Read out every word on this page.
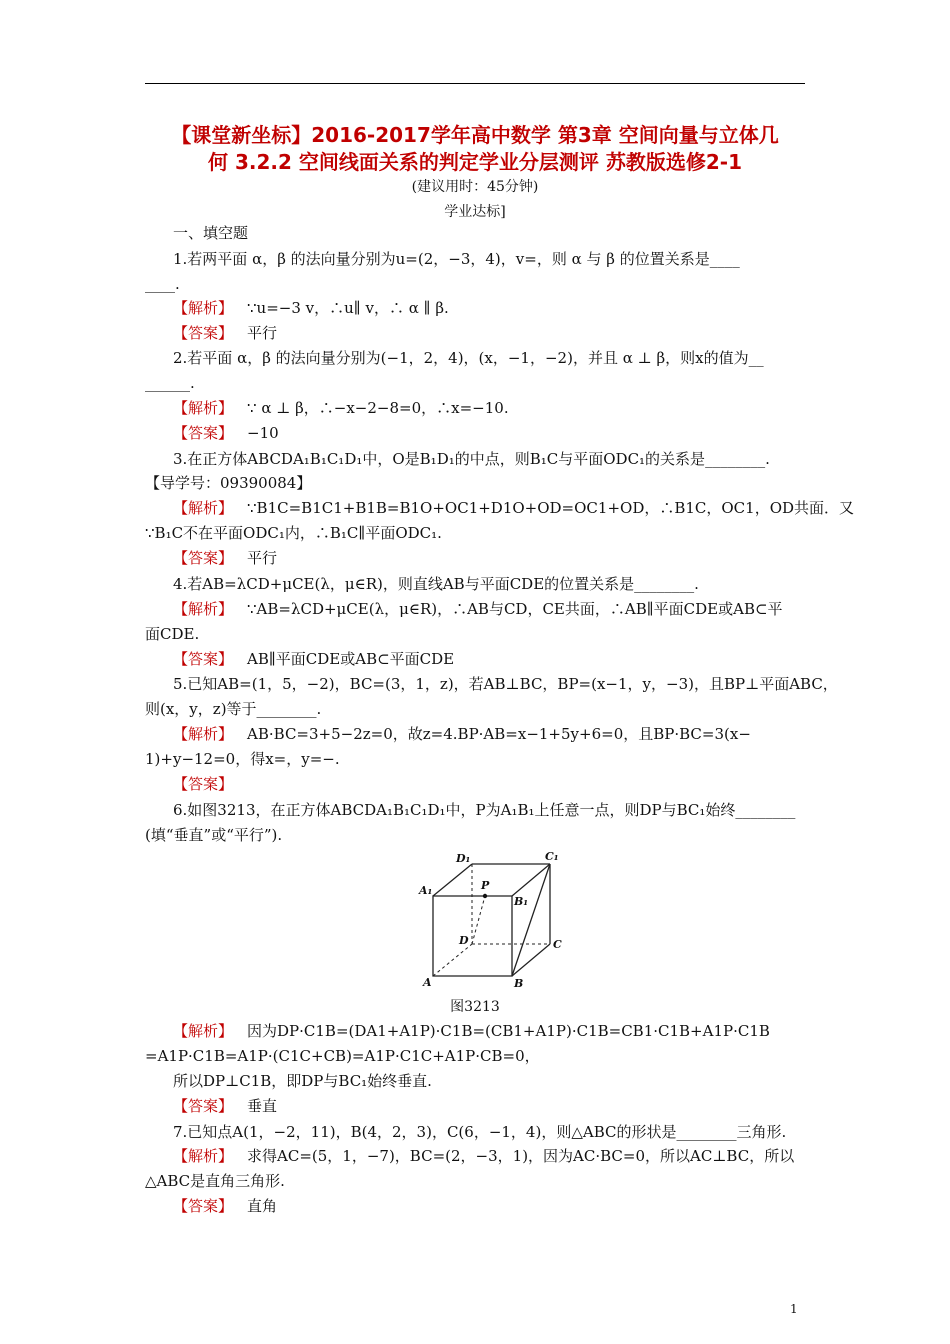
【课堂新坐标】2016-2017学年高中数学 第3章 空间向量与立体几
何 3.2.2 空间线面关系的判定学业分层测评 苏教版选修2-1
(建议用时：45分钟)
学业达标]
一、填空题
1.若两平面 α，β 的法向量分别为u=(2，−3，4)，v=，则 α 与 β 的位置关系是____
____.
【解析】 ∵u=−3 v，∴u∥ v，∴ α ∥ β.
【答案】 平行
2.若平面 α，β 的法向量分别为(−1，2，4)，(x，−1，−2)，并且 α ⊥ β，则x的值为__
______.
【解析】 ∵ α ⊥ β，∴−x−2−8=0，∴x=−10.
【答案】 −10
3.在正方体ABCDA₁B₁C₁D₁中，O是B₁D₁的中点，则B₁C与平面ODC₁的关系是________.
【导学号：09390084】
【解析】 ∵B1C=B1C1+B1B=B1O+OC1+D1O+OD=OC1+OD，∴B1C，OC1，OD共面．又
∵B₁C不在平面ODC₁内，∴B₁C∥平面ODC₁.
【答案】 平行
4.若AB=λCD+μCE(λ，μ∈R)，则直线AB与平面CDE的位置关系是________.
【解析】 ∵AB=λCD+μCE(λ，μ∈R)，∴AB与CD，CE共面，∴AB∥平面CDE或AB⊂平
面CDE.
【答案】 AB∥平面CDE或AB⊂平面CDE
5.已知AB=(1，5，−2)，BC=(3，1，z)，若AB⊥BC，BP=(x−1，y，−3)，且BP⊥平面ABC，
则(x，y，z)等于________.
【解析】 AB·BC=3+5−2z=0，故z=4.BP·AB=x−1+5y+6=0，且BP·BC=3(x−
1)+y−12=0，得x=，y=−.
【答案】
6.如图3213，在正方体ABCDA₁B₁C₁D₁中，P为A₁B₁上任意一点，则DP与BC₁始终________
(填“垂直”或“平行”).
D₁	C₁
A₁	P
B₁
D	C
A	B
图3213
【解析】 因为DP·C1B=(DA1+A1P)·C1B=(CB1+A1P)·C1B=CB1·C1B+A1P·C1B
=A1P·C1B=A1P·(C1C+CB)=A1P·C1C+A1P·CB=0，
所以DP⊥C1B，即DP与BC₁始终垂直.
【答案】 垂直
7.已知点A(1，−2，11)，B(4，2，3)，C(6，−1，4)，则△ABC的形状是________三角形.
【解析】 求得AC=(5，1，−7)，BC=(2，−3，1)，因为AC·BC=0，所以AC⊥BC，所以
△ABC是直角三角形.
【答案】 直角
1
